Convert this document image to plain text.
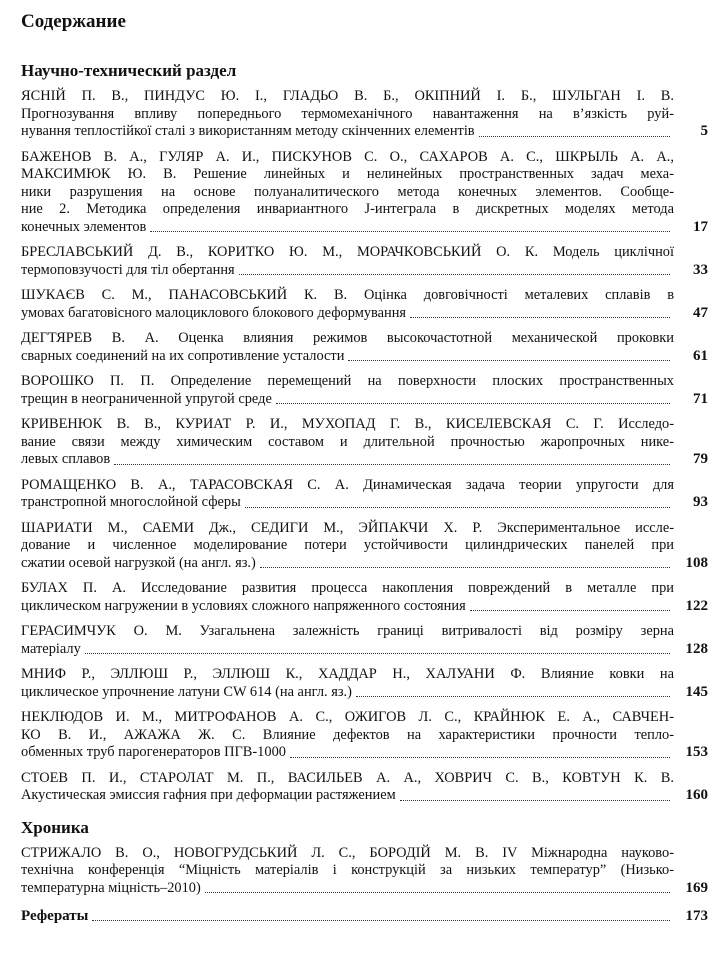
Содержание
Научно-технический раздел
ЯСНІЙ П. В., ПИНДУС Ю. І., ГЛАДЬО В. Б., ОКІПНИЙ І. Б., ШУЛЬГАН І. В.
Прогнозування впливу попереднього термомеханічного навантаження на в’язкість руй-
нування теплостійкої сталі з використанням методу скінченних елементів	5
БАЖЕНОВ В. А., ГУЛЯР А. И., ПИСКУНОВ С. О., САХАРОВ А. С., ШКРЫЛЬ А. А.,
МАКСИМЮК Ю. В. Решение линейных и нелинейных пространственных задач меха-
ники разрушения на основе полуаналитического метода конечных элементов. Сообще-
ние 2. Методика определения инвариантного J-интеграла в дискретных моделях метода
конечных элементов	17
БРЕСЛАВСЬКИЙ Д. В., КОРИТКО Ю. М., МОРАЧКОВСЬКИЙ О. К. Модель циклічної
термоповзучості для тіл обертання	33
ШУКАЄВ С. М., ПАНАСОВСЬКИЙ К. В. Оцінка довговічності металевих сплавів в
умовах багатовісного малоциклового блокового деформування	47
ДЕГТЯРЕВ В. А. Оценка влияния режимов высокочастотной механической проковки
сварных соединений на их сопротивление усталости	61
ВОРОШКО П. П. Определение перемещений на поверхности плоских пространственных
трещин в неограниченной упругой среде	71
КРИВЕНЮК В. В., КУРИАТ Р. И., МУХОПАД Г. В., КИСЕЛЕВСКАЯ С. Г. Исследо-
вание связи между химическим составом и длительной прочностью жаропрочных нике-
левых сплавов	79
РОМАЩЕНКО В. А., ТАРАСОВСКАЯ С. А. Динамическая задача теории упругости для
транстропной многослойной сферы	93
ШАРИАТИ М., САЕМИ Дж., СЕДИГИ М., ЭЙПАКЧИ Х. Р. Экспериментальное иссле-
дование и численное моделирование потери устойчивости цилиндрических панелей при
сжатии осевой нагрузкой (на англ. яз.)	108
БУЛАХ П. А. Исследование развития процесса накопления повреждений в металле при
циклическом нагружении в условиях сложного напряженного состояния	122
ГЕРАСИМЧУК О. М. Узагальнена залежність границі витривалості від розміру зерна
матеріалу	128
МНИФ Р., ЭЛЛЮШ Р., ЭЛЛЮШ К., ХАДДАР Н., ХАЛУАНИ Ф. Влияние ковки на
циклическое упрочнение латуни CW 614 (на англ. яз.)	145
НЕКЛЮДОВ И. М., МИТРОФАНОВ А. С., ОЖИГОВ Л. С., КРАЙНЮК Е. А., САВЧЕН-
КО В. И., АЖАЖА Ж. С. Влияние дефектов на характеристики прочности тепло-
обменных труб парогенераторов ПГВ-1000	153
СТОЕВ П. И., СТАРОЛАТ М. П., ВАСИЛЬЕВ А. А., ХОВРИЧ С. В., КОВТУН К. В.
Акустическая эмиссия гафния при деформации растяжением	160
Хроника
СТРИЖАЛО В. О., НОВОГРУДСЬКИЙ Л. С., БОРОДІЙ М. В. IV Міжнародна науково-
технічна конференція “Міцність матеріалів і конструкцій за низьких температур” (Низько-
температурна міцність–2010)	169
Рефераты	173
